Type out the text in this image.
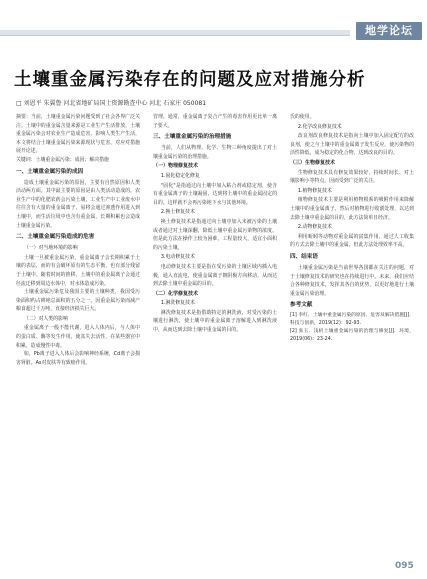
地学论坛
土壤重金属污染存在的问题及应对措施分析
□ 刘恩平 朱翼鲁 河北省地矿局国土资源勘查中心 河北 石家庄 050081

摘要：当前，土壤重金属污染问题受到了社会各界广泛关注。土壤中的重金属含量来源是工业生产生活排放，土壤重金属污染会对农业生产造成危害，影响人类生产生活，本文将结合土壤重金属污染来源现状与危害，对应对措施展开论述。

关键词：土壤重金属污染；成因；解决措施

一、土壤重金属污染的成因

造成土壤重金属污染的原因，主要有自然原因和人类活动两方面。其中最主要的原因是由人类活动造成的。农业生产中的化肥农药会污染土壤，工业生产中工业废水中往往含有大量的重金属离子，易将会通过渗透作用进入到土壤中，而生活垃圾中也含有重金属，长期积累也会造成土壤重金属污染。

二、土壤重金属污染造成的危害
（一）对当地环境的影响

土壤一旦被重金属污染，重金属离子会长期积累于土壤的表层，而的有会破坏原有的生态平衡，也有部分残留于土壤中。随着时间的推移，土壤中的重金属离子会通过径流迁移到周边水体中，对水体造成污染。

土壤重金属污染危及我国主要的土壤种类，我国受污染面积约占耕地总面积的五分之一，因重金属污染而减产粮食超过千万吨，直接经济损失巨大。

（二）对人类的影响

重金属离子一般不能代谢，进入人体内后，与人体中的蛋白质、酶等发生作用，使其失去活性，在某些器官中积累，造成慢性中毒。

如，Pb离子进入人体后会影响神经系统，Cd离子会损害肾脏，As对皮肤等有致癌作用。

管理。通常，重金属离子复合产生的毒害作用更比单一离子要大。

三、土壤重金属污染的治理措施

当前，人们从物理、化学、生物三种角度提出了对土壤重金属污染的治理措施。

（一）物理修复技术
1.固化稳定化修复

"固化"是指通过向土壤中加入粘合剂或稳定剂，使含有重金属离子的土壤凝固，达到将土壤中的重金属固定的目的。这样就不会再污染地下水与其他环境。

2.换土修复技术

换土修复技术是指通过向土壤中加入未被污染的土壤或者通过对土壤深翻，降低土壤中重金属污染物的浓度。但是此方法在操作上较为困难，工程量较大，适宜小面积的污染土壤。

3.电动修复技术

电动修复技术主要是指在受污染的土壤区域内插入电极，通入直流电，使重金属离子朝阴极方向移动，从而达到去除土壤中重金属的目的。

（二）化学修复技术
1.淋洗修复技术

淋洗修复技术是指借助特定的淋洗液，对受污染的土壤进行淋洗，使土壤中的重金属离子溶解进入到淋洗液中，从而达到去除土壤中重金属的目的。

氏的使用。

2.化学改良修复技术

改良剂改良修复技术是指向土壤中加入固定配方的改良剂，使之与土壤中的重金属离子发生反应，使污染物的活性降低，成为稳定的化合物，达到改良的目的。

（三）生物修复技术

生物修复技术具有修复效果较好，持续时间长、对土壤影响小等特点，因而受到广泛的关注。

1.植物修复技术

植物修复技术主要是利用植物根系的吸附作用来降解土壤中的重金属离子，然后对植物进行收割处理，以达到去除土壤中重金属的目的，此方法简单且经济。

2.动物修复技术

利用蚯蚓等动物对重金属的富集作用，通过人工收集的方式去除土壤中的重金属，但此方法处理效率不高。

四、结束语

土壤重金属污染是当前世界各国都在关注的问题，对于土壤修复技术的研究也在持续进行中。未来，我们应结合各种修复技术，发挥其各自的优势，以更好地进行土壤重金属污染治理。

参考文献

[1] 李红．土壤中重金属污染的原因、危害及解决措施[J]．科技与创新，2019(12)：92-93.

[2] 张玉．浅析土壤重金属污染的治理与修复[J]．环境，2019(06)：23-24.

095
